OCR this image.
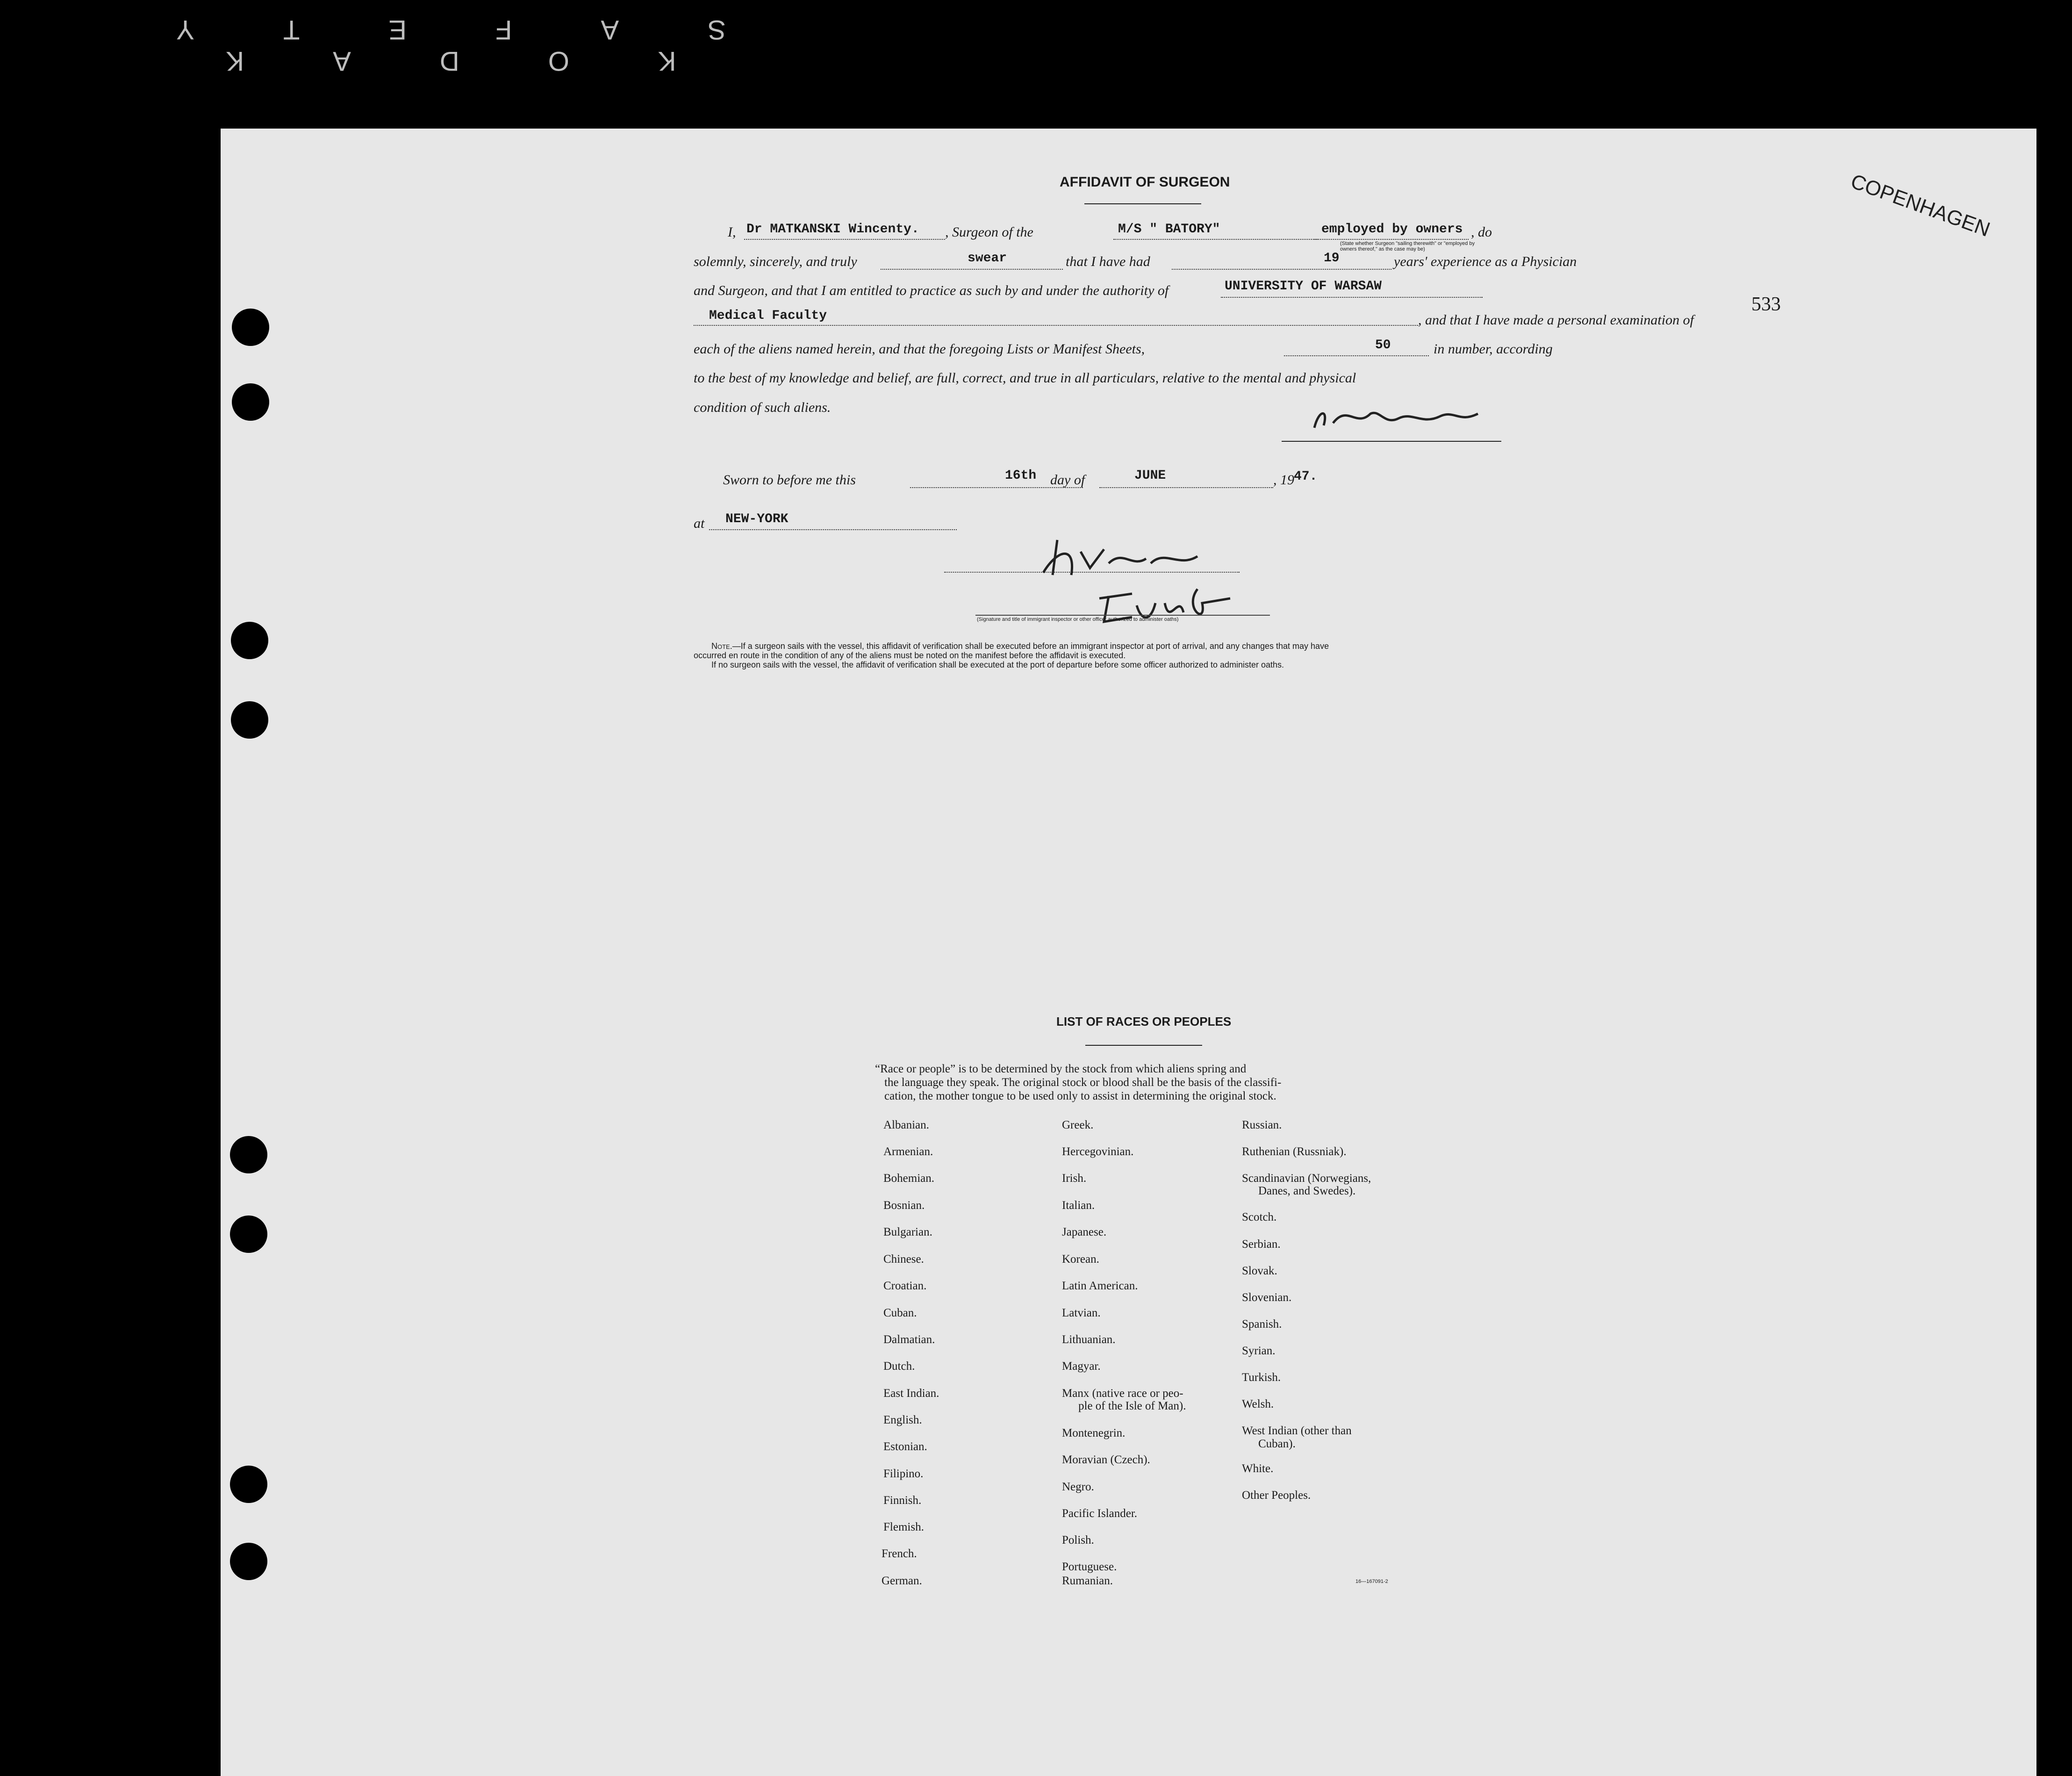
KODAK SAFETY
COPENHAGEN
533
AFFIDAVIT OF SURGEON
I, Dr MATKANSKI Wincenty. , Surgeon of the	M/S " BATORY"	employed by owners , do
(State whether Surgeon "sailing therewith" or "employed by owners thereof," as the case may be)
solemnly, sincerely, and truly	swear	that I have had	19	years' experience as a Physician
and Surgeon, and that I am entitled to practice as such by and under the authority of	UNIVERSITY OF WARSAW
Medical Faculty	, and that I have made a personal examination of
each of the aliens named herein, and that the foregoing Lists or Manifest Sheets,	50	in number, according
to the best of my knowledge and belief, are full, correct, and true in all particulars, relative to the mental and physical
condition of such aliens.
Sworn to before me this	16th day of	JUNE	, 19 47.
at NEW-YORK
(Signature and title of immigrant inspector or other officer authorized to administer oaths)
Note.—If a surgeon sails with the vessel, this affidavit of verification shall be executed before an immigrant inspector at port of arrival, and any changes that may have
occurred en route in the condition of any of the aliens must be noted on the manifest before the affidavit is executed.
If no surgeon sails with the vessel, the affidavit of verification shall be executed at the port of departure before some officer authorized to administer oaths.
LIST OF RACES OR PEOPLES
“Race or people” is to be determined by the stock from which aliens spring and
the language they speak. The original stock or blood shall be the basis of the classifi-
cation, the mother tongue to be used only to assist in determining the original stock.
Albanian.
Armenian.
Bohemian.
Bosnian.
Bulgarian.
Chinese.
Croatian.
Cuban.
Dalmatian.
Dutch.
East Indian.
English.
Estonian.
Filipino.
Finnish.
Flemish.
French.
German.
Greek.
Hercegovinian.
Irish.
Italian.
Japanese.
Korean.
Latin American.
Latvian.
Lithuanian.
Magyar.
Manx (native race or peo-
ple of the Isle of Man).
Montenegrin.
Moravian (Czech).
Negro.
Pacific Islander.
Polish.
Portuguese.
Rumanian.
Russian.
Ruthenian (Russniak).
Scandinavian (Norwegians,
Danes, and Swedes).
Scotch.
Serbian.
Slovak.
Slovenian.
Spanish.
Syrian.
Turkish.
Welsh.
West Indian (other than
Cuban).
White.
Other Peoples.
16—167091-2
